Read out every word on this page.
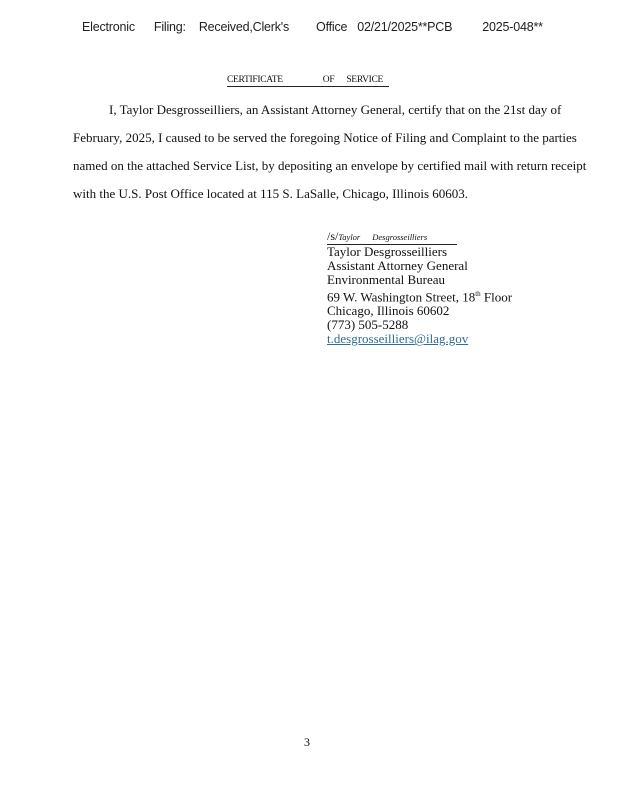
Electronic Filing: Received,Clerk's Office 02/21/2025**PCB 2025-048**
CERTIFICATE	OF SERVICE
I, Taylor Desgrosseilliers, an Assistant Attorney General, certify that on the 21st day of
February, 2025, I caused to be served the foregoing Notice of Filing and Complaint to the parties
named on the attached Service List, by depositing an envelope by certified mail with return receipt
with the U.S. Post Office located at 115 S. LaSalle, Chicago, Illinois 60603.
/s/Taylor Desgrosseilliers
Taylor Desgrosseilliers
Assistant Attorney General
Environmental Bureau
69 W. Washington Street, 18th Floor
Chicago, Illinois 60602
(773) 505-5288
t.desgrosseilliers@ilag.gov
3
